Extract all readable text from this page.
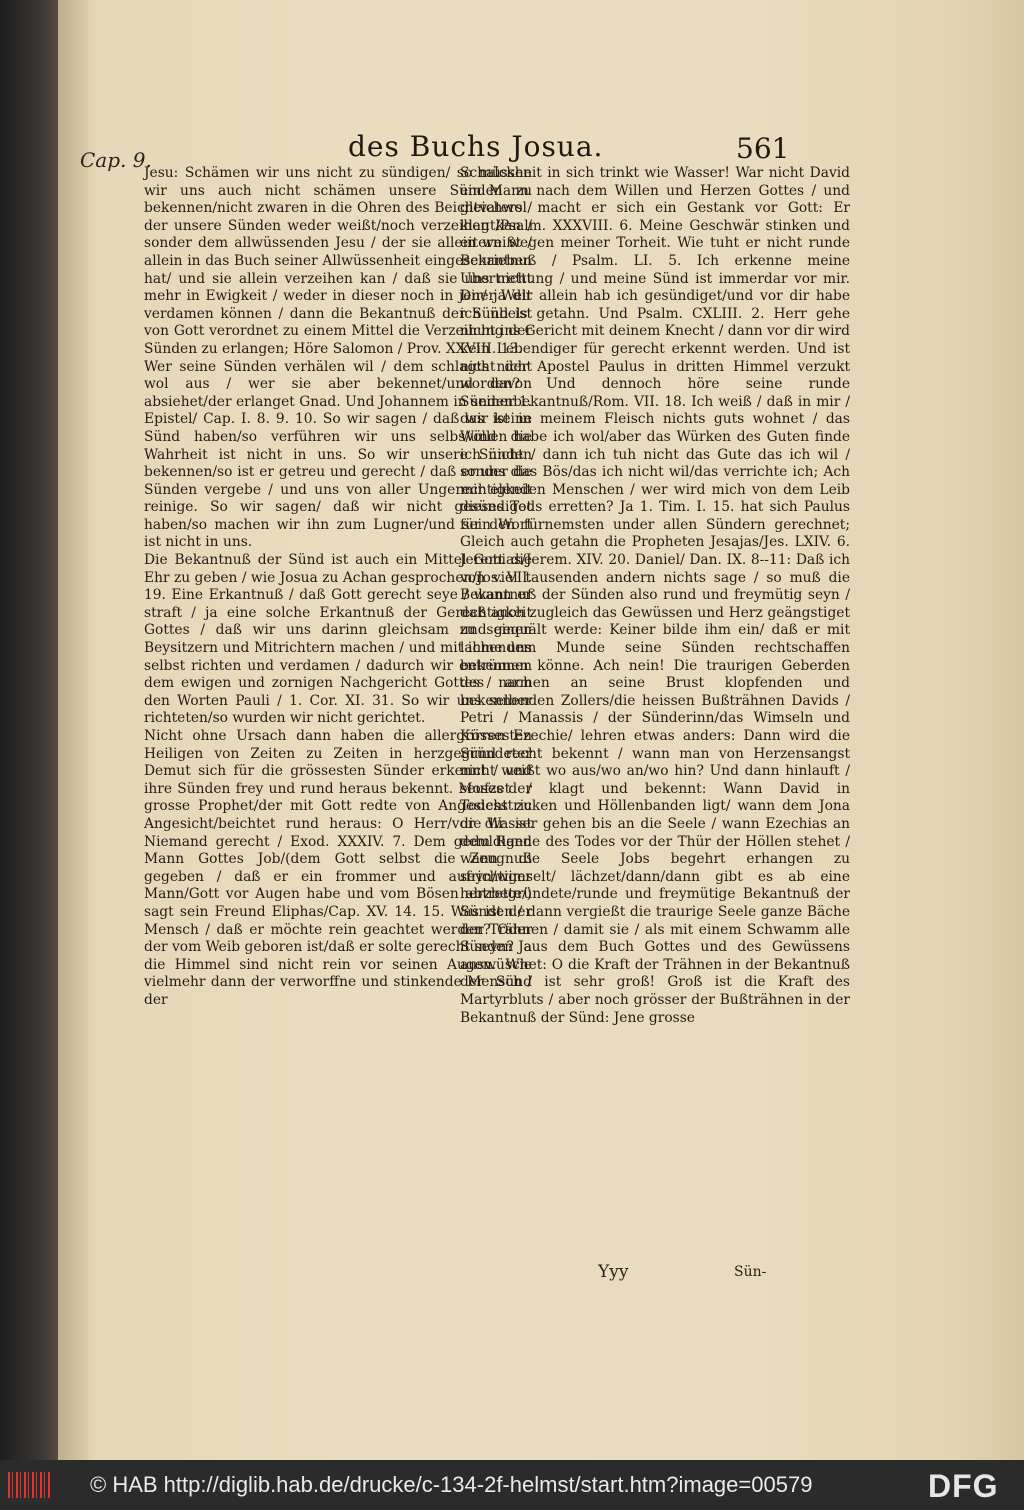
Cap. 9.	des Buchs Josua.	561

Jesu: Schämen wir uns nicht zu sündigen/ so müssen wir uns auch nicht schämen unsere Sünden zu bekennen/nicht zwaren in die Ohren des Beichtvaters / der unsere Sünden weder weißt/noch verzeihen kan / sonder dem allwüssenden Jesu / der sie allein weißt / allein in das Buch seiner Allwüssenheit eingeschrieben hat/ und sie allein verzeihen kan / daß sie uns nicht mehr in Ewigkeit / weder in dieser noch in jener Welt verdamen können / dann die Bekantnuß der Sünd ist von Gott verordnet zu einem Mittel die Verzeihung der Sünden zu erlangen; Höre Salomon / Prov. XXVIII. 13.

Wer seine Sünden verhälen wil / dem schlagts nicht wol aus / wer sie aber bekennet/und davon absiehet/der erlanget Gnad. Und Johannem in seiner 1. Epistel/ Cap. I. 8. 9. 10. So wir sagen / daß wir keine Sünd haben/so verführen wir uns selbs/und die Wahrheit ist nicht in uns. So wir unsere Sünden bekennen/so ist er getreu und gerecht / daß er uns die Sünden vergebe / und uns von aller Ungerechtigkeit reinige. So wir sagen/ daß wir nicht gesündiget haben/so machen wir ihn zum Lugner/und sein Wort ist nicht in uns.

Die Bekantnuß der Sünd ist auch ein Mittel Gott die Ehr zu geben / wie Josua zu Achan gesprochen/Jos. VII. 19. Eine Erkantnuß / daß Gott gerecht seye / wann er straft / ja eine solche Erkantnuß der Gerechtigkeit Gottes / daß wir uns darinn gleichsam zu seinen Beysitzern und Mitrichtern machen / und mit ihme uns selbst richten und verdamen / dadurch wir entrünnen dem ewigen und zornigen Nachgericht Gottes / nach den Worten Pauli / 1. Cor. XI. 31. So wir uns selber richteten/so wurden wir nicht gerichtet.

Nicht ohne Ursach dann haben die allergrössesten Heiligen von Zeiten zu Zeiten in herzgegründeter Demut sich für die grössesten Sünder erkennt / und ihre Sünden frey und rund heraus bekennt. Moses der grosse Prophet/der mit Gott redte von Angesicht zu Angesicht/beichtet rund heraus: O Herr/vor dir ist Niemand gerecht / Exod. XXXIV. 7. Dem geduldigen Mann Gottes Job/(dem Gott selbst die Zeugnuß gegeben / daß er ein frommer und aufrichtiger Mann/Gott vor Augen habe und vom Bösen abtrette/) sagt sein Freund Eliphas/Cap. XV. 14. 15. Was ist der Mensch / daß er möchte rein geachtet werden? Oder der vom Weib geboren ist/daß er solte gerecht seyn? Ja die Himmel sind nicht rein vor seinen Augen. Wie vielmehr dann der verworffne und stinkende Mensch / der

Schalckheit in sich trinkt wie Wasser! War nicht David ein Mann nach dem Willen und Herzen Gottes / und gleichwol macht er sich ein Gestank vor Gott: Er klagt/Psalm. XXXVIII. 6. Meine Geschwär stinken und eitern wegen meiner Torheit. Wie tuht er nicht runde Bekantnuß / Psalm. LI. 5. Ich erkenne meine Ubertrettung / und meine Sünd ist immerdar vor mir. Dir/ ja dir allein hab ich gesündiget/und vor dir habe ich übels getahn. Und Psalm. CXLIII. 2. Herr gehe nicht ins Gericht mit deinem Knecht / dann vor dir wird kein Lebendiger für gerecht erkennt werden. Und ist nicht der Apostel Paulus in dritten Himmel verzukt worden? Und dennoch höre seine runde Sündenbekantnuß/Rom. VII. 18. Ich weiß / daß in mir / das ist in meinem Fleisch nichts guts wohnet / das Wöllen habe ich wol/aber das Würken des Guten finde ich nicht / dann ich tuh nicht das Gute das ich wil / sonder das Bös/das ich nicht wil/das verrichte ich; Ach mir elenden Menschen / wer wird mich von dem Leib dieses Tods erretten? Ja 1. Tim. I. 15. hat sich Paulus für den fürnemsten under allen Sündern gerechnet; Gleich auch getahn die Propheten Jesajas/Jes. LXIV. 6. Jeremias/Jerem. XIV. 20. Daniel/ Dan. IX. 8--11: Daß ich von viel tausenden andern nichts sage / so muß die Bekantnuß der Sünden also rund und freymütig seyn / daß auch zugleich das Gewüssen und Herz geängstiget und gequält werde: Keiner bilde ihm ein/ daß er mit lachendem Munde seine Sünden rechtschaffen bekennen könne. Ach nein! Die traurigen Geberden des armen an seine Brust klopfenden und bekennenden Zollers/die heissen Bußträhnen Davids / Petri / Manassis / der Sünderinn/das Wimseln und Kirren Ezechie/ lehren etwas anders: Dann wird die Sünd recht bekennt / wann man von Herzensangst nicht weißt wo aus/wo an/wo hin? Und dann hinlauft / seufzet / klagt und bekennt: Wann David in Todesstricken und Höllenbanden ligt/ wann dem Jona die Wasser gehen bis an die Seele / wann Ezechias an dem Rande des Todes vor der Thür der Höllen stehet / wann die Seele Jobs begehrt erhangen zu seyn/wimselt/ lächzet/dann/dann gibt es ab eine herzbegründete/runde und freymütige Bekantnuß der Sünden / dann vergießt die traurige Seele ganze Bäche der Trähnen / damit sie / als mit einem Schwamm alle Sünden aus dem Buch Gottes und des Gewüssens auswüschet: O die Kraft der Trähnen in der Bekantnuß der Sünd ist sehr groß! Groß ist die Kraft des Martyrbluts / aber noch grösser der Bußträhnen in der Bekantnuß der Sünd: Jene grosse

Yyy	Sün-
© HAB http://diglib.hab.de/drucke/c-134-2f-helmst/start.htm?image=00579	DFG
